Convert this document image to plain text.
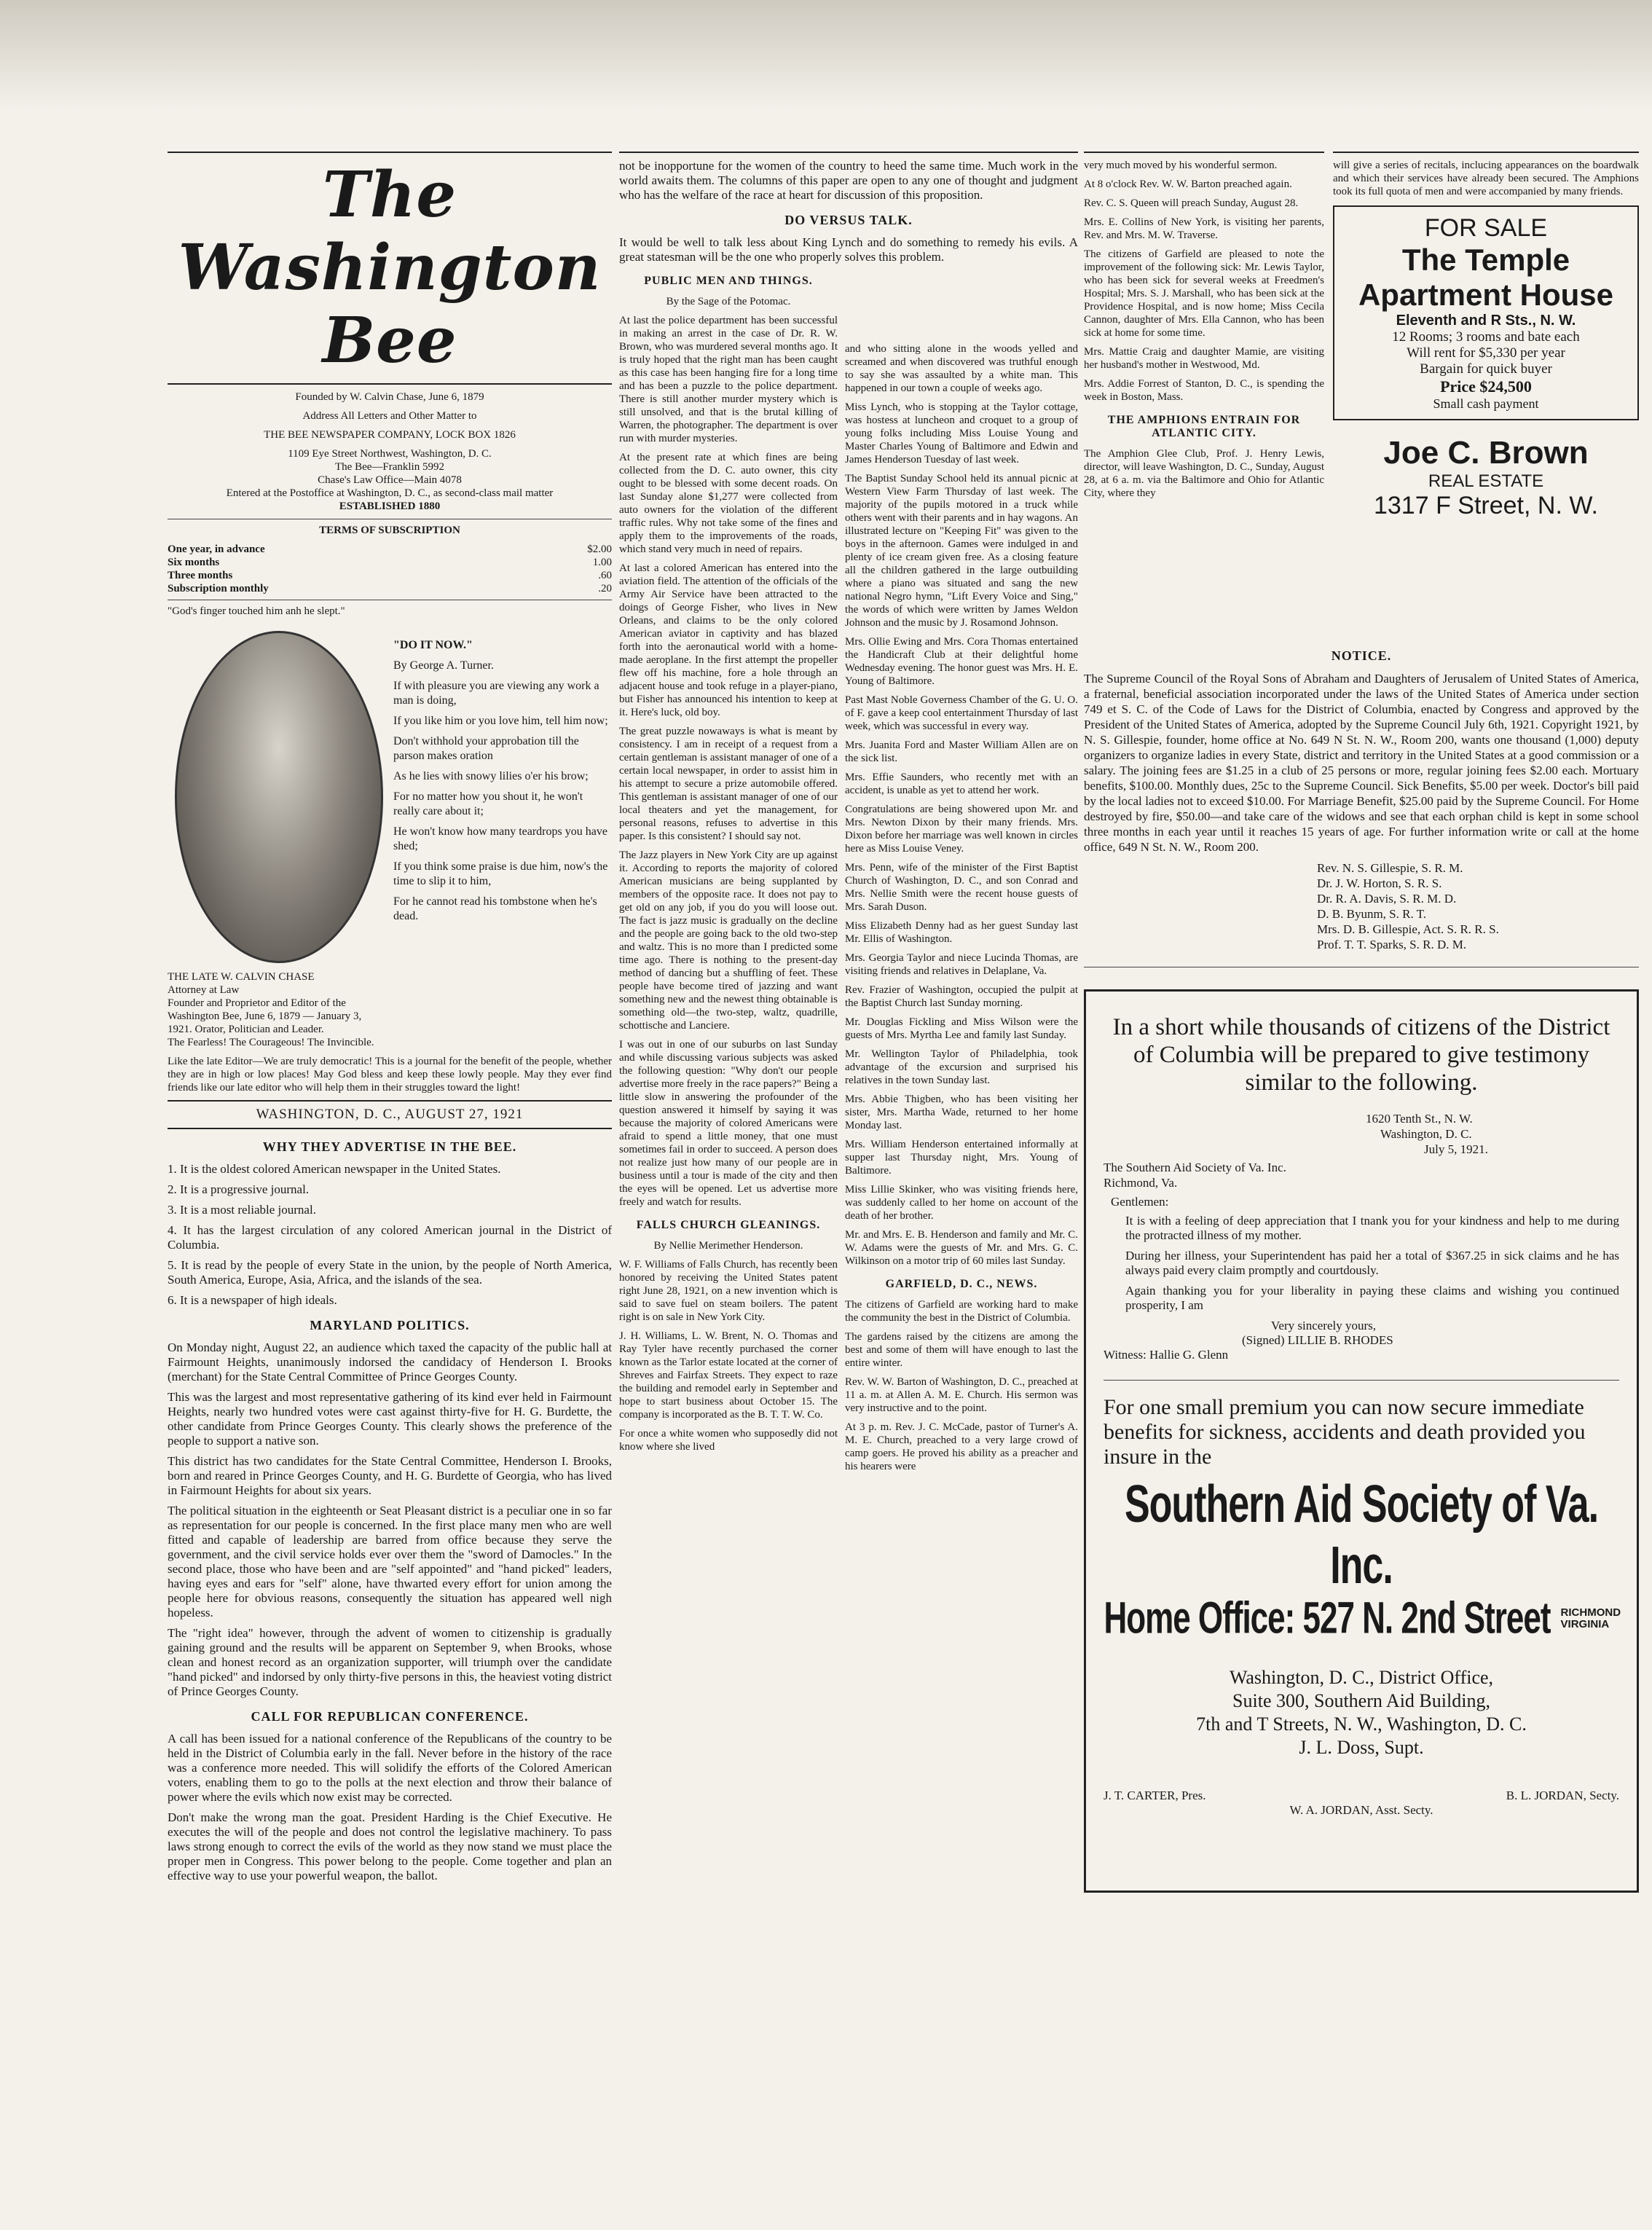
The Washington Bee

Founded by W. Calvin Chase, June 6, 1879

Address All Letters and Other Matter to

THE BEE NEWSPAPER COMPANY, LOCK BOX 1826

1109 Eye Street Northwest, Washington, D. C.

The Bee—Franklin 5992

Chase's Law Office—Main 4078

Entered at the Postoffice at Washington, D. C., as second-class mail matter

ESTABLISHED 1880

TERMS OF SUBSCRIPTION

One year, in advance	$2.00
Six months	1.00
Three months	.60
Subscription monthly	.20

"God's finger touched him anh he slept."

"DO IT NOW."

By George A. Turner.

If with pleasure you are viewing any work a man is doing,

If you like him or you love him, tell him now;

Don't withhold your approbation till the parson makes oration

As he lies with snowy lilies o'er his brow;

For no matter how you shout it, he won't really care about it;

He won't know how many teardrops you have shed;

If you think some praise is due him, now's the time to slip it to him,

For he cannot read his tombstone when he's dead.

THE LATE W. CALVIN CHASE

Attorney at Law

Founder and Proprietor and Editor of the Washington Bee, June 6, 1879 — January 3, 1921. Orator, Politician and Leader.

The Fearless! The Courageous! The Invincible.

Like the late Editor—We are truly democratic! This is a journal for the benefit of the people, whether they are in high or low places! May God bless and keep these lowly people. May they ever find friends like our late editor who will help them in their struggles toward the light!

WASHINGTON, D. C., AUGUST 27, 1921

WHY THEY ADVERTISE IN THE BEE.

1. It is the oldest colored American newspaper in the United States.

2. It is a progressive journal.

3. It is a most reliable journal.

4. It has the largest circulation of any colored American journal in the District of Columbia.

5. It is read by the people of every State in the union, by the people of North America, South America, Europe, Asia, Africa, and the islands of the sea.

6. It is a newspaper of high ideals.

MARYLAND POLITICS.

On Monday night, August 22, an audience which taxed the capacity of the public hall at Fairmount Heights, unanimously indorsed the candidacy of Henderson I. Brooks (merchant) for the State Central Committee of Prince Georges County.

This was the largest and most representative gathering of its kind ever held in Fairmount Heights, nearly two hundred votes were cast against thirty-five for H. G. Burdette, the other candidate from Prince Georges County. This clearly shows the preference of the people to support a native son.

This district has two candidates for the State Central Committee, Henderson I. Brooks, born and reared in Prince Georges County, and H. G. Burdette of Georgia, who has lived in Fairmount Heights for about six years.

The political situation in the eighteenth or Seat Pleasant district is a peculiar one in so far as representation for our people is concerned. In the first place many men who are well fitted and capable of leadership are barred from office because they serve the government, and the civil service holds ever over them the "sword of Damocles." In the second place, those who have been and are "self appointed" and "hand picked" leaders, having eyes and ears for "self" alone, have thwarted every effort for union among the people here for obvious reasons, consequently the situation has appeared well nigh hopeless.

The "right idea" however, through the advent of women to citizenship is gradually gaining ground and the results will be apparent on September 9, when Brooks, whose clean and honest record as an organization supporter, will triumph over the candidate "hand picked" and indorsed by only thirty-five persons in this, the heaviest voting district of Prince Georges County.

CALL FOR REPUBLICAN CONFERENCE.

A call has been issued for a national conference of the Republicans of the country to be held in the District of Columbia early in the fall. Never before in the history of the race was a conference more needed. This will solidify the efforts of the Colored American voters, enabling them to go to the polls at the next election and throw their balance of power where the evils which now exist may be corrected.

Don't make the wrong man the goat. President Harding is the Chief Executive. He executes the will of the people and does not control the legislative machinery. To pass laws strong enough to correct the evils of the world as they now stand we must place the proper men in Congress. This power belong to the people. Come together and plan an effective way to use your powerful weapon, the ballot.

not be inopportune for the women of the country to heed the same time. Much work in the world awaits them. The columns of this paper are open to any one of thought and judgment who has the welfare of the race at heart for discussion of this proposition.

DO VERSUS TALK.

It would be well to talk less about King Lynch and do something to remedy his evils. A great statesman will be the one who properly solves this problem.

PUBLIC MEN AND THINGS.

By the Sage of the Potomac.

At last the police department has been successful in making an arrest in the case of Dr. R. W. Brown, who was murdered several months ago. It is truly hoped that the right man has been caught as this case has been hanging fire for a long time and has been a puzzle to the police department. There is still another murder mystery which is still unsolved, and that is the brutal killing of Warren, the photographer. The department is over run with murder mysteries.

At the present rate at which fines are being collected from the D. C. auto owner, this city ought to be blessed with some decent roads. On last Sunday alone $1,277 were collected from auto owners for the violation of the different traffic rules. Why not take some of the fines and apply them to the improvements of the roads, which stand very much in need of repairs.

At last a colored American has entered into the aviation field. The attention of the officials of the Army Air Service have been attracted to the doings of George Fisher, who lives in New Orleans, and claims to be the only colored American aviator in captivity and has blazed forth into the aeronautical world with a home-made aeroplane. In the first attempt the propeller flew off his machine, fore a hole through an adjacent house and took refuge in a player-piano, but Fisher has announced his intention to keep at it. Here's luck, old boy.

The great puzzle nowaways is what is meant by consistency. I am in receipt of a request from a certain gentleman is assistant manager of one of a certain local newspaper, in order to assist him in his attempt to secure a prize automobile offered. This gentleman is assistant manager of one of our local theaters and yet the management, for personal reasons, refuses to advertise in this paper. Is this consistent? I should say not.

The Jazz players in New York City are up against it. According to reports the majority of colored American musicians are being supplanted by members of the opposite race. It does not pay to get old on any job, if you do you will loose out. The fact is jazz music is gradually on the decline and the people are going back to the old two-step and waltz. This is no more than I predicted some time ago. There is nothing to the present-day method of dancing but a shuffling of feet. These people have become tired of jazzing and want something new and the newest thing obtainable is something old—the two-step, waltz, quadrille, schottische and Lanciere.

I was out in one of our suburbs on last Sunday and while discussing various subjects was asked the following question: "Why don't our people advertise more freely in the race papers?" Being a little slow in answering the profounder of the question answered it himself by saying it was because the majority of colored Americans were afraid to spend a little money, that one must sometimes fail in order to succeed. A person does not realize just how many of our people are in business until a tour is made of the city and then the eyes will be opened. Let us advertise more freely and watch for results.

FALLS CHURCH GLEANINGS.

By Nellie Merimether Henderson.

W. F. Williams of Falls Church, has recently been honored by receiving the United States patent right June 28, 1921, on a new invention which is said to save fuel on steam boilers. The patent right is on sale in New York City.

J. H. Williams, L. W. Brent, N. O. Thomas and Ray Tyler have recently purchased the corner known as the Tarlor estate located at the corner of Shreves and Fairfax Streets. They expect to raze the building and remodel early in September and hope to start business about October 15. The company is incorporated as the B. T. T. W. Co.

For once a white women who supposedly did not know where she lived

and who sitting alone in the woods yelled and screamed and when discovered was truthful enough to say she was assaulted by a white man. This happened in our town a couple of weeks ago.

Miss Lynch, who is stopping at the Taylor cottage, was hostess at luncheon and croquet to a group of young folks including Miss Louise Young and Master Charles Young of Baltimore and Edwin and James Henderson Tuesday of last week.

The Baptist Sunday School held its annual picnic at Western View Farm Thursday of last week. The majority of the pupils motored in a truck while others went with their parents and in hay wagons. An illustrated lecture on "Keeping Fit" was given to the boys in the afternoon. Games were indulged in and plenty of ice cream given free. As a closing feature all the children gathered in the large outbuilding where a piano was situated and sang the new national Negro hymn, "Lift Every Voice and Sing," the words of which were written by James Weldon Johnson and the music by J. Rosamond Johnson.

Mrs. Ollie Ewing and Mrs. Cora Thomas entertained the Handicraft Club at their delightful home Wednesday evening. The honor guest was Mrs. H. E. Young of Baltimore.

Past Mast Noble Governess Chamber of the G. U. O. of F. gave a keep cool entertainment Thursday of last week, which was successful in every way.

Mrs. Juanita Ford and Master William Allen are on the sick list.

Mrs. Effie Saunders, who recently met with an accident, is unable as yet to attend her work.

Congratulations are being showered upon Mr. and Mrs. Newton Dixon by their many friends. Mrs. Dixon before her marriage was well known in circles here as Miss Louise Veney.

Mrs. Penn, wife of the minister of the First Baptist Church of Washington, D. C., and son Conrad and Mrs. Nellie Smith were the recent house guests of Mrs. Sarah Duson.

Miss Elizabeth Denny had as her guest Sunday last Mr. Ellis of Washington.

Mrs. Georgia Taylor and niece Lucinda Thomas, are visiting friends and relatives in Delaplane, Va.

Rev. Frazier of Washington, occupied the pulpit at the Baptist Church last Sunday morning.

Mr. Douglas Fickling and Miss Wilson were the guests of Mrs. Myrtha Lee and family last Sunday.

Mr. Wellington Taylor of Philadelphia, took advantage of the excursion and surprised his relatives in the town Sunday last.

Mrs. Abbie Thigben, who has been visiting her sister, Mrs. Martha Wade, returned to her home Monday last.

Mrs. William Henderson entertained informally at supper last Thursday night, Mrs. Young of Baltimore.

Miss Lillie Skinker, who was visiting friends here, was suddenly called to her home on account of the death of her brother.

Mr. and Mrs. E. B. Henderson and family and Mr. C. W. Adams were the guests of Mr. and Mrs. G. C. Wilkinson on a motor trip of 60 miles last Sunday.

GARFIELD, D. C., NEWS.

The citizens of Garfield are working hard to make the community the best in the District of Columbia.

The gardens raised by the citizens are among the best and some of them will have enough to last the entire winter.

Rev. W. W. Barton of Washington, D. C., preached at 11 a. m. at Allen A. M. E. Church. His sermon was very instructive and to the point.

At 3 p. m. Rev. J. C. McCade, pastor of Turner's A. M. E. Church, preached to a very large crowd of camp goers. He proved his ability as a preacher and his hearers were

very much moved by his wonderful sermon.

At 8 o'clock Rev. W. W. Barton preached again.

Rev. C. S. Queen will preach Sunday, August 28.

Mrs. E. Collins of New York, is visiting her parents, Rev. and Mrs. M. W. Traverse.

The citizens of Garfield are pleased to note the improvement of the following sick: Mr. Lewis Taylor, who has been sick for several weeks at Freedmen's Hospital; Mrs. S. J. Marshall, who has been sick at the Providence Hospital, and is now home; Miss Cecila Cannon, daughter of Mrs. Ella Cannon, who has been sick at home for some time.

Mrs. Mattie Craig and daughter Mamie, are visiting her husband's mother in Westwood, Md.

Mrs. Addie Forrest of Stanton, D. C., is spending the week in Boston, Mass.

THE AMPHIONS ENTRAIN FOR ATLANTIC CITY.

The Amphion Glee Club, Prof. J. Henry Lewis, director, will leave Washington, D. C., Sunday, August 28, at 6 a. m. via the Baltimore and Ohio for Atlantic City, where they

will give a series of recitals, inclucing appearances on the boardwalk and which their services have already been secured. The Amphions took its full quota of men and were accompanied by many friends.

FOR SALE
The Temple Apartment House
Eleventh and R Sts., N. W.
12 Rooms; 3 rooms and bate each
Will rent for $5,330 per year
Bargain for quick buyer
Price $24,500
Small cash payment
Joe C. Brown
REAL ESTATE
1317 F Street, N. W.
NOTICE.

The Supreme Council of the Royal Sons of Abraham and Daughters of Jerusalem of United States of America, a fraternal, beneficial association incorporated under the laws of the United States of America under section 749 et S. C. of the Code of Laws for the District of Columbia, enacted by Congress and approved by the President of the United States of America, adopted by the Supreme Council July 6th, 1921. Copyright 1921, by N. S. Gillespie, founder, home office at No. 649 N St. N. W., Room 200, wants one thousand (1,000) deputy organizers to organize ladies in every State, district and territory in the United States at a good commission or a salary. The joining fees are $1.25 in a club of 25 persons or more, regular joining fees $2.00 each. Mortuary benefits, $100.00. Monthly dues, 25c to the Supreme Council. Sick Benefits, $5.00 per week. Doctor's bill paid by the local ladies not to exceed $10.00. For Marriage Benefit, $25.00 paid by the Supreme Council. For Home destroyed by fire, $50.00—and take care of the widows and see that each orphan child is kept in some school three months in each year until it reaches 15 years of age. For further information write or call at the home office, 649 N St. N. W., Room 200.

Rev. N. S. Gillespie, S. R. M.
Dr. J. W. Horton, S. R. S.
Dr. R. A. Davis, S. R. M. D.
D. B. Byunm, S. R. T.
Mrs. D. B. Gillespie, Act. S. R. R. S.
Prof. T. T. Sparks, S. R. D. M.
In a short while thousands of citizens of the District of Columbia will be prepared to give testimony similar to the following.
1620 Tenth St., N. W.
Washington, D. C.
July 5, 1921.
The Southern Aid Society of Va. Inc.
Richmond, Va.
Gentlemen:

It is with a feeling of deep appreciation that I tnank you for your kindness and help to me during the protracted illness of my mother.

During her illness, your Superintendent has paid her a total of $367.25 in sick claims and he has always paid every claim promptly and courtdously.

Again thanking you for your liberality in paying these claims and wishing you continued prosperity, I am

Very sincerely yours,
(Signed) LILLIE B. RHODES
Witness: Hallie G. Glenn
For one small premium you can now secure immediate benefits for sickness, accidents and death provided you insure in the
Southern Aid Society of Va. Inc.
Home Office: 527 N. 2nd Street RICHMOND VIRGINIA
Washington, D. C., District Office,
Suite 300, Southern Aid Building,
7th and T Streets, N. W., Washington, D. C.
J. L. Doss, Supt.
J. T. CARTER, Pres.	B. L. JORDAN, Secty.
W. A. JORDAN, Asst. Secty.
